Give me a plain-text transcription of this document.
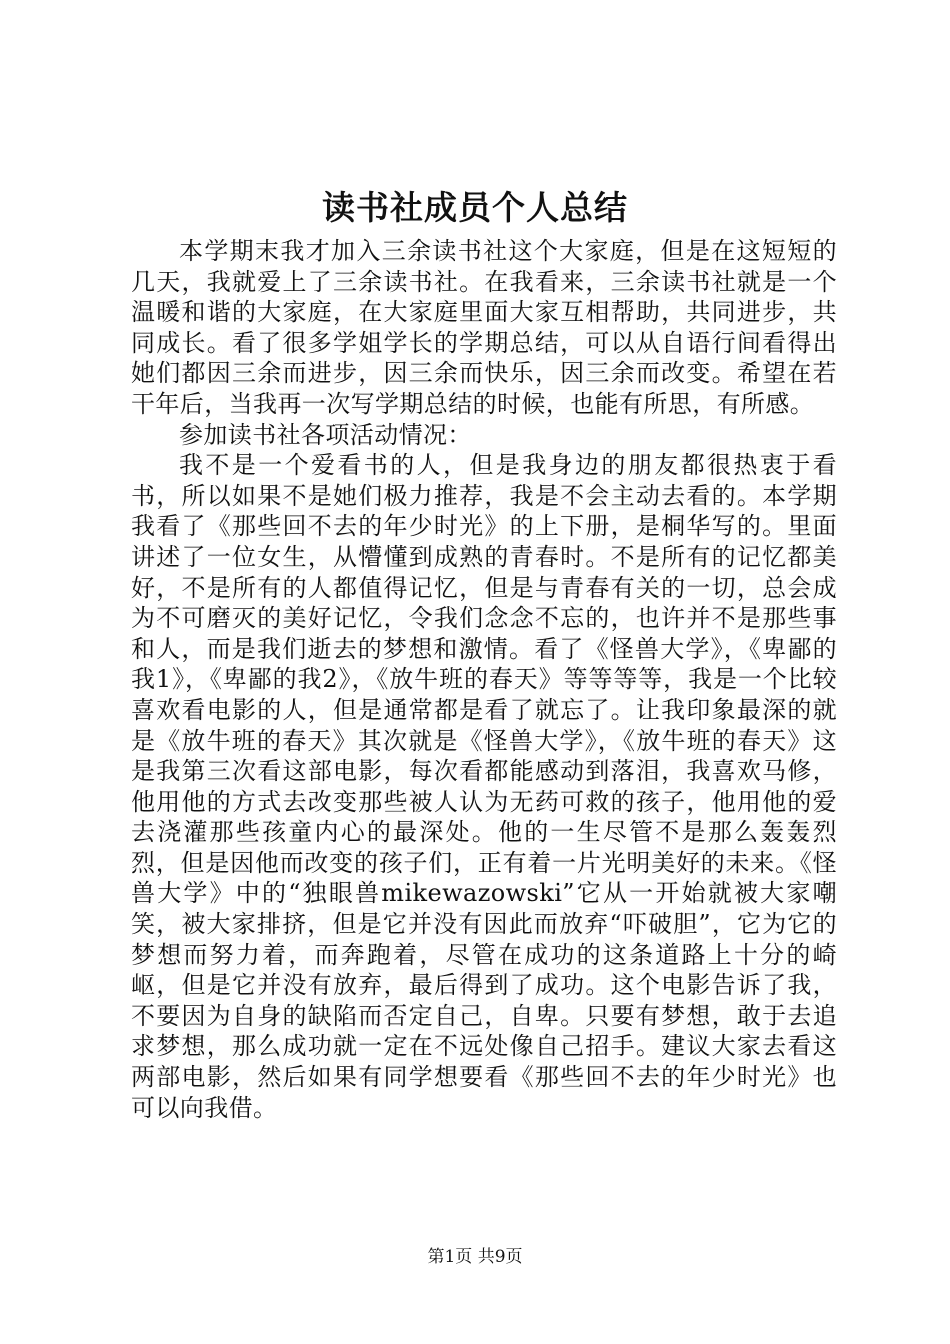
读书社成员个人总结

本学期末我才加入三余读书社这个大家庭，但是在这短短的几天，我就爱上了三余读书社。在我看来，三余读书社就是一个温暖和谐的大家庭，在大家庭里面大家互相帮助，共同进步，共同成长。看了很多学姐学长的学期总结，可以从自语行间看得出她们都因三余而进步，因三余而快乐，因三余而改变。希望在若干年后，当我再一次写学期总结的时候，也能有所思，有所感。

参加读书社各项活动情况：

我不是一个爱看书的人，但是我身边的朋友都很热衷于看书，所以如果不是她们极力推荐，我是不会主动去看的。本学期我看了《那些回不去的年少时光》的上下册，是桐华写的。里面讲述了一位女生，从懵懂到成熟的青春时。不是所有的记忆都美好，不是所有的人都值得记忆，但是与青春有关的一切，总会成为不可磨灭的美好记忆，令我们念念不忘的，也许并不是那些事和人，而是我们逝去的梦想和激情。看了《怪兽大学》，《卑鄙的我1》，《卑鄙的我2》，《放牛班的春天》等等等等，我是一个比较喜欢看电影的人，但是通常都是看了就忘了。让我印象最深的就是《放牛班的春天》其次就是《怪兽大学》，《放牛班的春天》这是我第三次看这部电影，每次看都能感动到落泪，我喜欢马修，他用他的方式去改变那些被人认为无药可救的孩子，他用他的爱去浇灌那些孩童内心的最深处。他的一生尽管不是那么轰轰烈烈，但是因他而改变的孩子们，正有着一片光明美好的未来。《怪兽大学》中的“独眼兽mikewazowski”它从一开始就被大家嘲笑，被大家排挤，但是它并没有因此而放弃“吓破胆”，它为它的梦想而努力着，而奔跑着，尽管在成功的这条道路上十分的崎岖，但是它并没有放弃，最后得到了成功。这个电影告诉了我，不要因为自身的缺陷而否定自己，自卑。只要有梦想，敢于去追求梦想，那么成功就一定在不远处像自己招手。建议大家去看这两部电影，然后如果有同学想要看《那些回不去的年少时光》也可以向我借。

第1页 共9页
